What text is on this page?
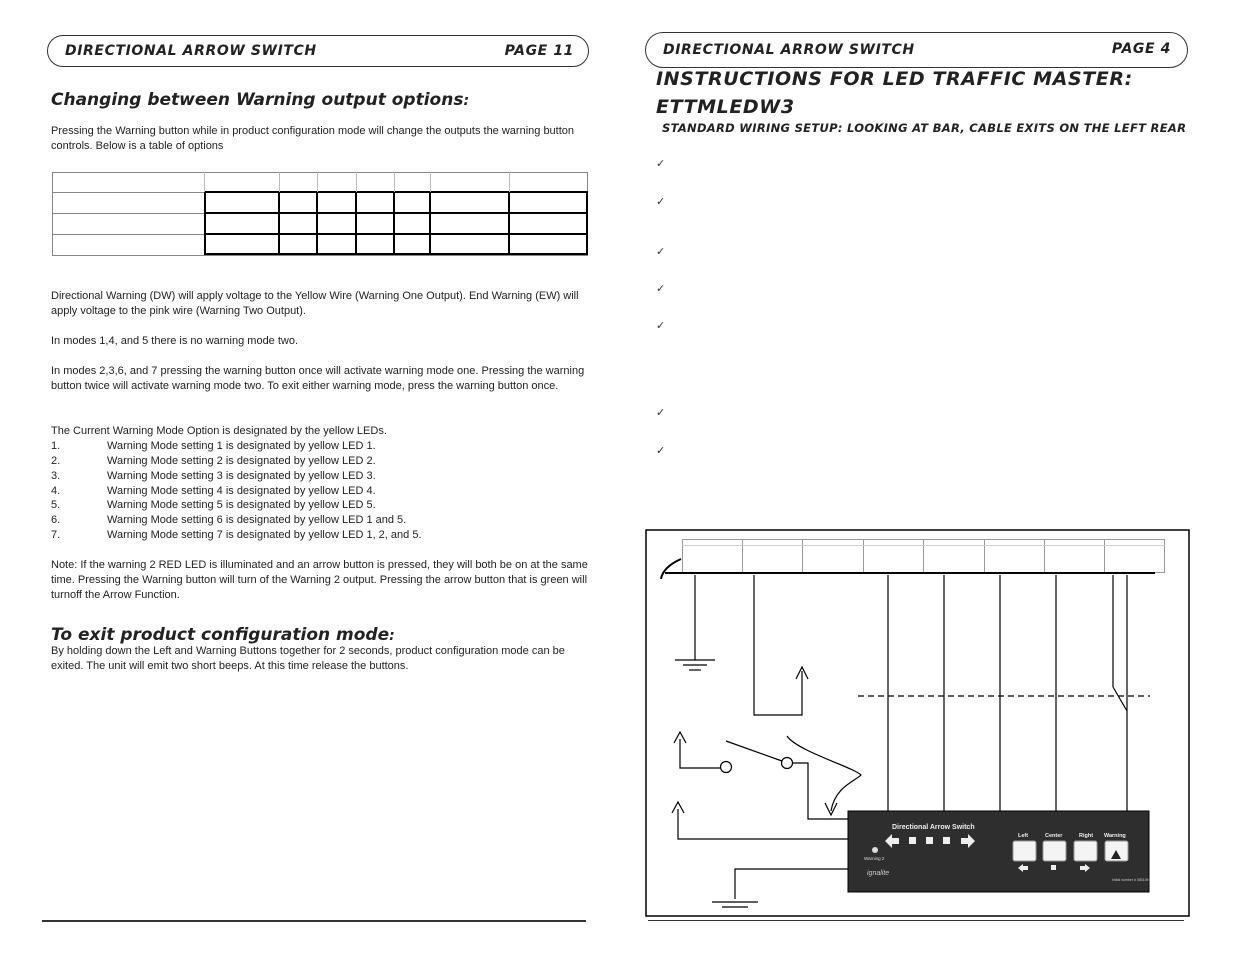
DIRECTIONAL ARROW SWITCH	PAGE 11
Changing between Warning output options:
Pressing the Warning button while in product configuration mode will change the outputs the warning button controls. Below is a table of options
Directional Warning (DW) will apply voltage to the Yellow Wire (Warning One Output). End Warning (EW) will apply voltage to the pink wire (Warning Two Output).
In modes 1,4, and 5 there is no warning mode two.
In modes 2,3,6, and 7 pressing the warning button once will activate warning mode one. Pressing the warning button twice will activate warning mode two. To exit either warning mode, press the warning button once.
The Current Warning Mode Option is designated by the yellow LEDs.
1.	Warning Mode setting 1 is designated by yellow LED 1.
2.	Warning Mode setting 2 is designated by yellow LED 2.
3.	Warning Mode setting 3 is designated by yellow LED 3.
4.	Warning Mode setting 4 is designated by yellow LED 4.
5.	Warning Mode setting 5 is designated by yellow LED 5.
6.	Warning Mode setting 6 is designated by yellow LED 1 and 5.
7.	Warning Mode setting 7 is designated by yellow LED 1, 2, and 5.
Note: If the warning 2 RED LED is illuminated and an arrow button is pressed, they will both be on at the same time. Pressing the Warning button will turn of the Warning 2 output. Pressing the arrow button that is green will turnoff the Arrow Function.
To exit product configuration mode:
By holding down the Left and Warning Buttons together for 2 seconds, product configuration mode can be exited. The unit will emit two short beeps. At this time release the buttons.
DIRECTIONAL ARROW SWITCH	PAGE 4
INSTRUCTIONS FOR LED TRAFFIC MASTER:
ETTMLEDW3
STANDARD WIRING SETUP: LOOKING AT BAR, CABLE EXITS ON THE LEFT REAR
✓
✓
✓
✓
✓
✓
✓
Directional Arrow Switch
Warning 2
ignalite
Left	Center	Right Warning
Initial number # 080109
